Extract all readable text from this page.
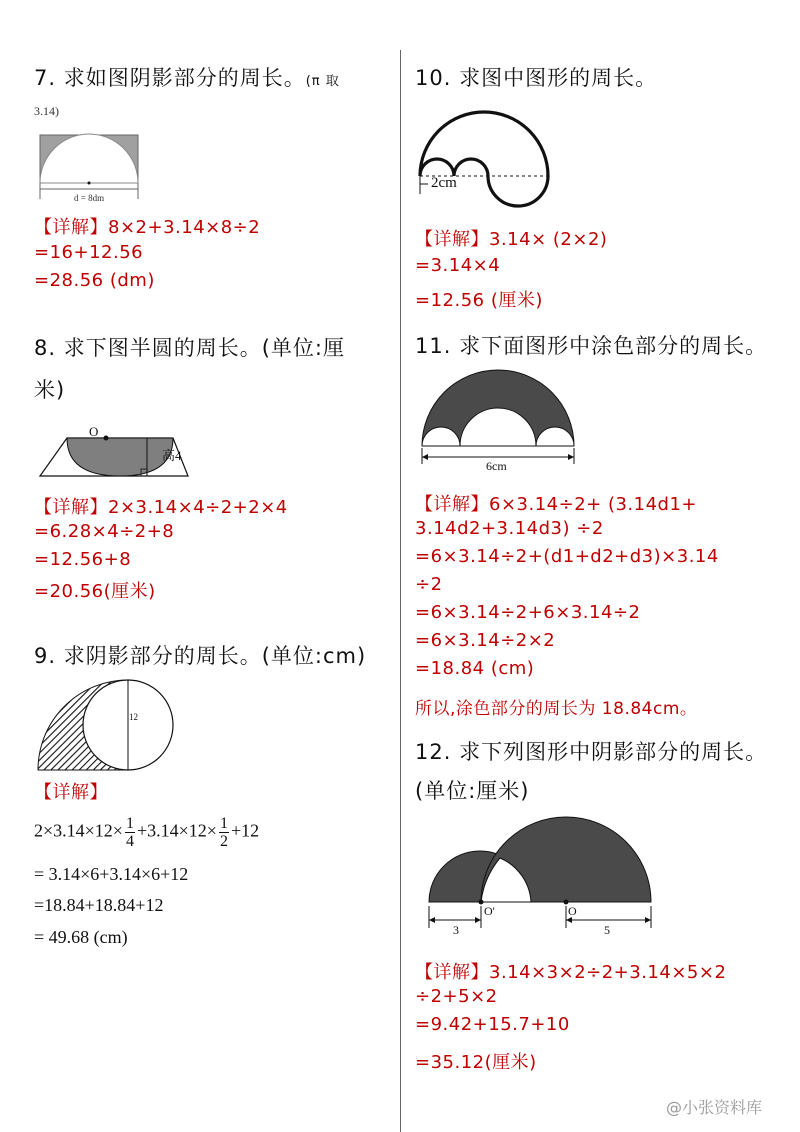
7. 求如图阴影部分的周长。(π 取
3.14)
d = 8dm
【详解】8×2+3.14×8÷2
=16+12.56
=28.56 (dm)
8. 求下图半圆的周长。(单位:厘
米)
O
高4
【详解】2×3.14×4÷2+2×4
=6.28×4÷2+8
=12.56+8
=20.56(厘米)
9. 求阴影部分的周长。(单位:cm)
12
【详解】
$2\times 3.14\times 12\times \frac{1}{4} +3.14\times 12\times \frac{1}{2} +12$
= 3.14×6+3.14×6+12
=18.84+18.84+12
= 49.68 (cm)
10. 求图中图形的周长。
2cm
【详解】3.14× (2×2)
=3.14×4
=12.56 (厘米)
11. 求下面图形中涂色部分的周长。
6cm
【详解】6×3.14÷2+ (3.14d1+
3.14d2+3.14d3) ÷2
=6×3.14÷2+(d1+d2+d3)×3.14
÷2
=6×3.14÷2+6×3.14÷2
=6×3.14÷2×2
=18.84 (cm)
所以,涂色部分的周长为 18.84cm。
12. 求下列图形中阴影部分的周长。
(单位:厘米)
O'	O
3	5
【详解】3.14×3×2÷2+3.14×5×2
÷2+5×2
=9.42+15.7+10
=35.12(厘米)
@小张资料库
